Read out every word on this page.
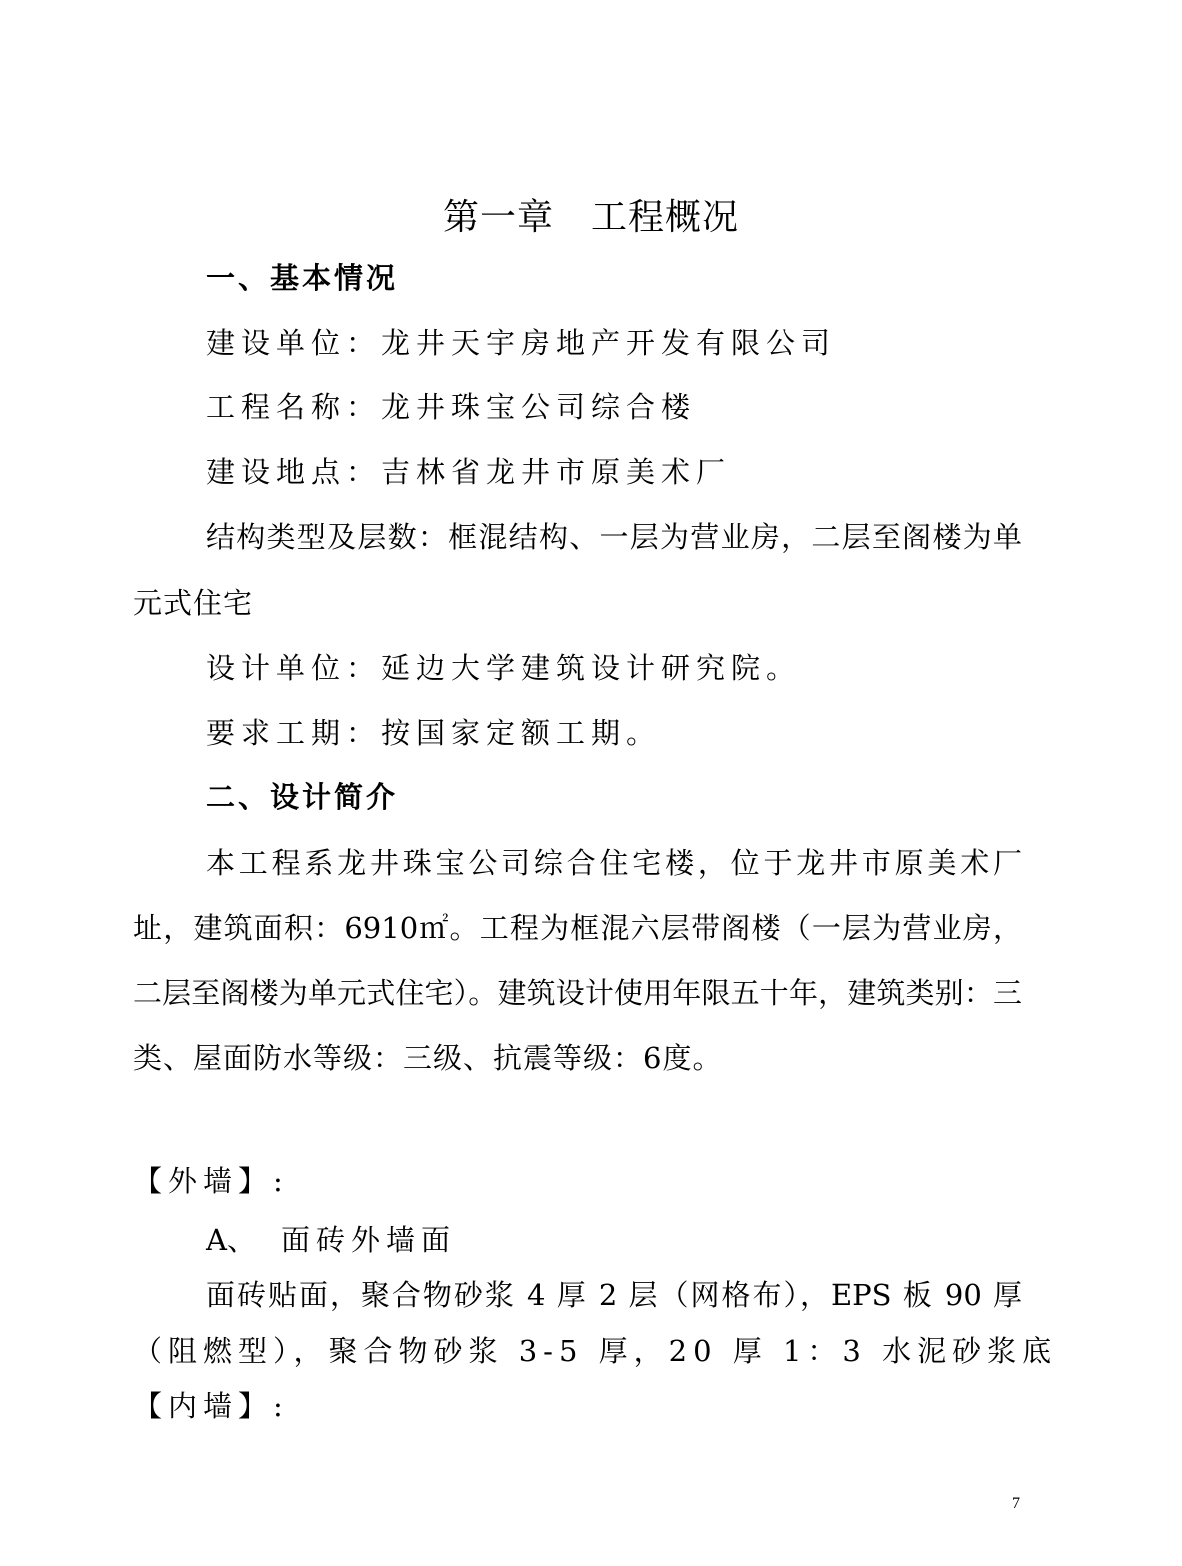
第一章　工程概况
一、基本情况
建设单位：龙井天宇房地产开发有限公司
工程名称：龙井珠宝公司综合楼
建设地点：吉林省龙井市原美术厂
结构类型及层数：框混结构、一层为营业房，二层至阁楼为单
元式住宅
设计单位：延边大学建筑设计研究院。
要求工期：按国家定额工期。
二、设计简介
本工程系龙井珠宝公司综合住宅楼，位于龙井市原美术厂
址，建筑面积：6910㎡。工程为框混六层带阁楼（一层为营业房，
二层至阁楼为单元式住宅）。建筑设计使用年限五十年，建筑类别：三
类、屋面防水等级：三级、抗震等级：6度。
【外墙】:
A、 面砖外墙面
面砖贴面，聚合物砂浆 4 厚 2 层（网格布），EPS 板 90 厚
（阻燃型），聚合物砂浆 3-5 厚，20 厚 1：3 水泥砂浆底
【内墙】:
7
